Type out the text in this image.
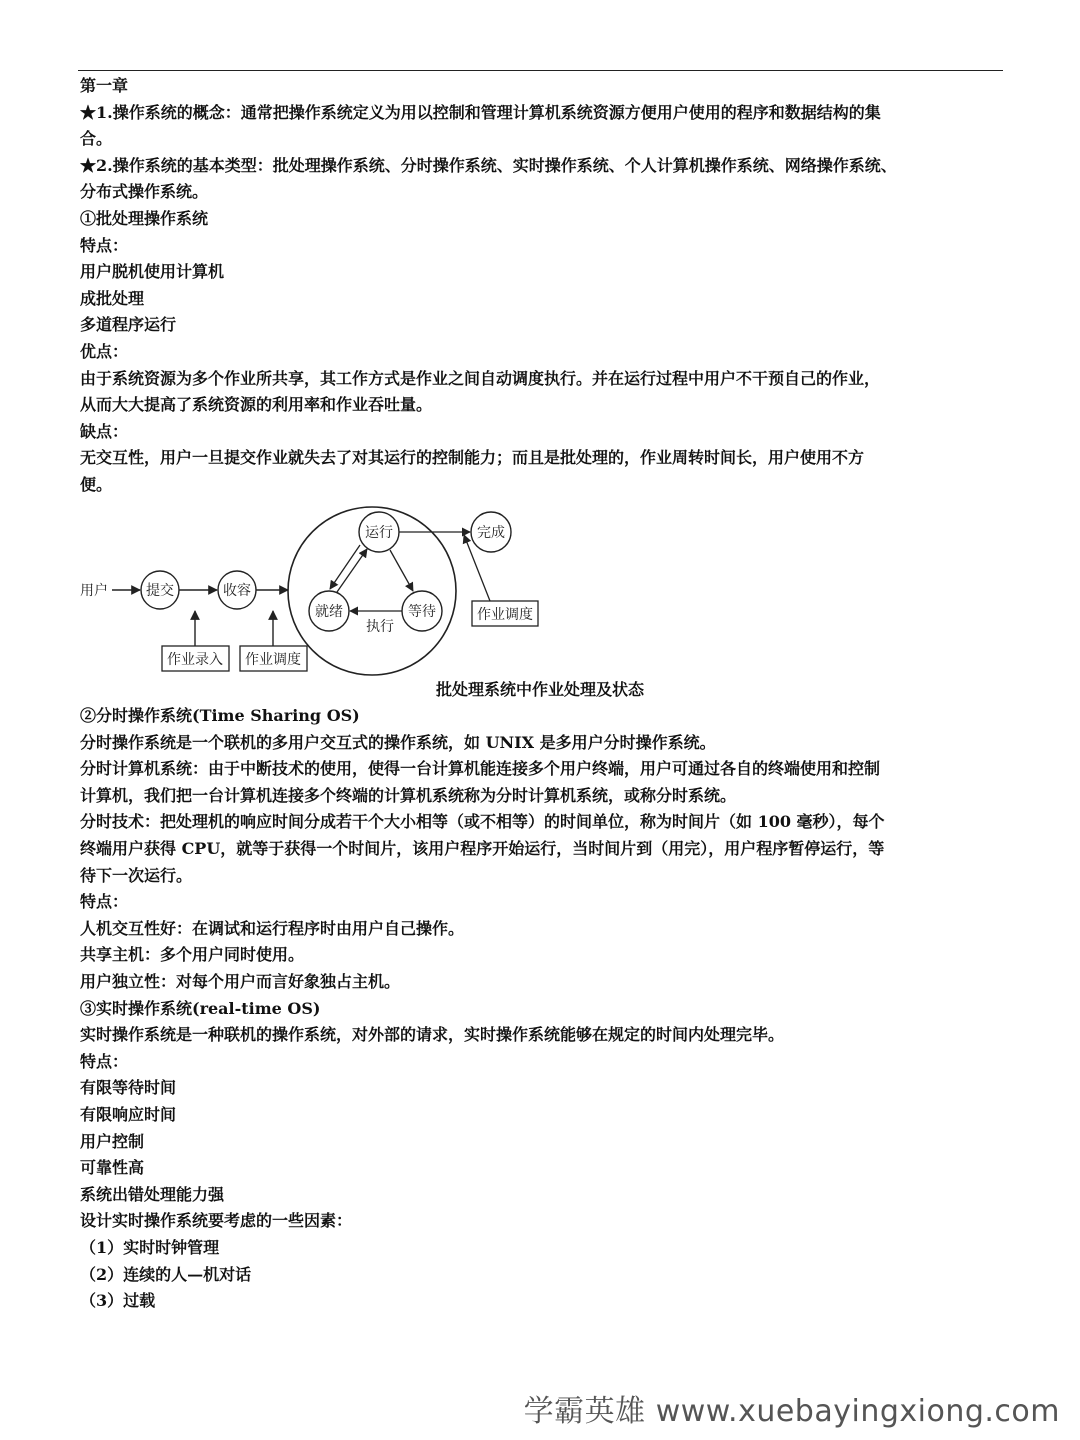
第一章
★1.操作系统的概念：通常把操作系统定义为用以控制和管理计算机系统资源方便用户使用的程序和数据结构的集
合。
★2.操作系统的基本类型：批处理操作系统、分时操作系统、实时操作系统、个人计算机操作系统、网络操作系统、
分布式操作系统。
①批处理操作系统
特点：
用户脱机使用计算机
成批处理
多道程序运行
优点：
由于系统资源为多个作业所共享，其工作方式是作业之间自动调度执行。并在运行过程中用户不干预自己的作业，
从而大大提高了系统资源的利用率和作业吞吐量。
缺点：
无交互性，用户一旦提交作业就失去了对其运行的控制能力；而且是批处理的，作业周转时间长，用户使用不方
便。
用户	提交	收容
作业录入 作业调度
运行
就绪	等待
执行
完成
作业调度
批处理系统中作业处理及状态
②分时操作系统(Time Sharing OS)
分时操作系统是一个联机的多用户交互式的操作系统，如 UNIX 是多用户分时操作系统。
分时计算机系统：由于中断技术的使用，使得一台计算机能连接多个用户终端，用户可通过各自的终端使用和控制
计算机，我们把一台计算机连接多个终端的计算机系统称为分时计算机系统，或称分时系统。
分时技术：把处理机的响应时间分成若干个大小相等（或不相等）的时间单位，称为时间片（如 100 毫秒），每个
终端用户获得 CPU，就等于获得一个时间片，该用户程序开始运行，当时间片到（用完），用户程序暂停运行，等
待下一次运行。
特点：
人机交互性好：在调试和运行程序时由用户自己操作。
共享主机：多个用户同时使用。
用户独立性：对每个用户而言好象独占主机。
③实时操作系统(real-time OS)
实时操作系统是一种联机的操作系统，对外部的请求，实时操作系统能够在规定的时间内处理完毕。
特点：
有限等待时间
有限响应时间
用户控制
可靠性高
系统出错处理能力强
设计实时操作系统要考虑的一些因素：
（1）实时时钟管理
（2）连续的人—机对话
（3）过载
学霸英雄 www.xuebayingxiong.com
